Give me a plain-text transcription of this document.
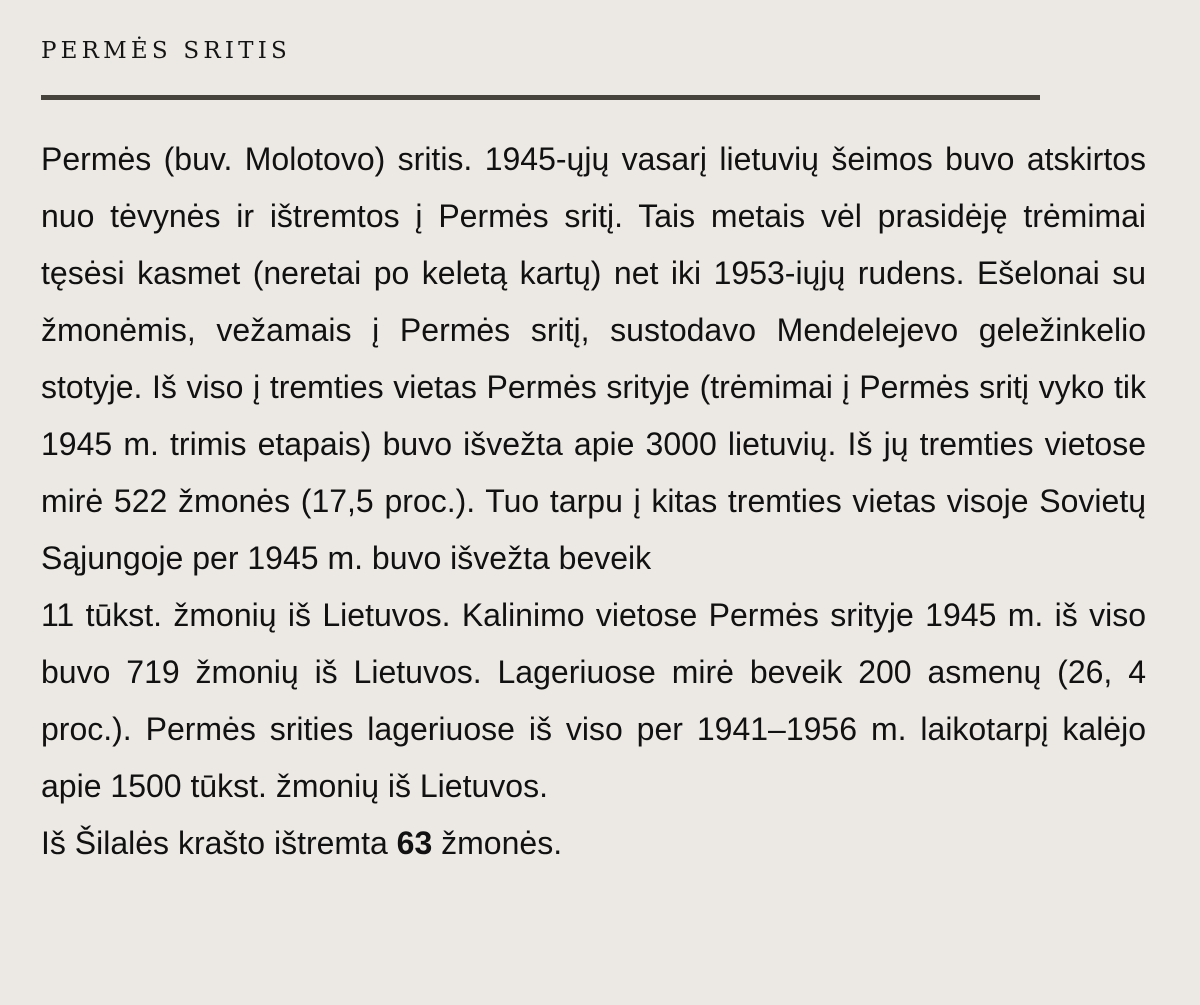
PERMĖS SRITIS

Permės (buv. Molotovo) sritis. 1945-ųjų vasarį lietuvių šeimos buvo atskirtos nuo tėvynės ir ištremtos į Permės sritį. Tais metais vėl prasidėję trėmimai tęsėsi kasmet (neretai po keletą kartų) net iki 1953-iųjų rudens. Ešelonai su žmonėmis, vežamais į Permės sritį, sustodavo Mendelejevo geležinkelio stotyje. Iš viso į tremties vietas Permės srityje (trėmimai į Permės sritį vyko tik 1945 m. trimis etapais) buvo išvežta apie 3000 lietuvių. Iš jų tremties vietose mirė 522 žmonės (17,5 proc.). Tuo tarpu į kitas tremties vietas visoje Sovietų Sąjungoje per 1945 m. buvo išvežta beveik

11 tūkst. žmonių iš Lietuvos. Kalinimo vietose Permės srityje 1945 m. iš viso buvo 719 žmonių iš Lietuvos. Lageriuose mirė beveik 200 asmenų (26, 4 proc.). Permės srities lageriuose iš viso per 1941–1956 m. laikotarpį kalėjo apie 1500 tūkst. žmonių iš Lietuvos.

Iš Šilalės krašto ištremta 63 žmonės.
